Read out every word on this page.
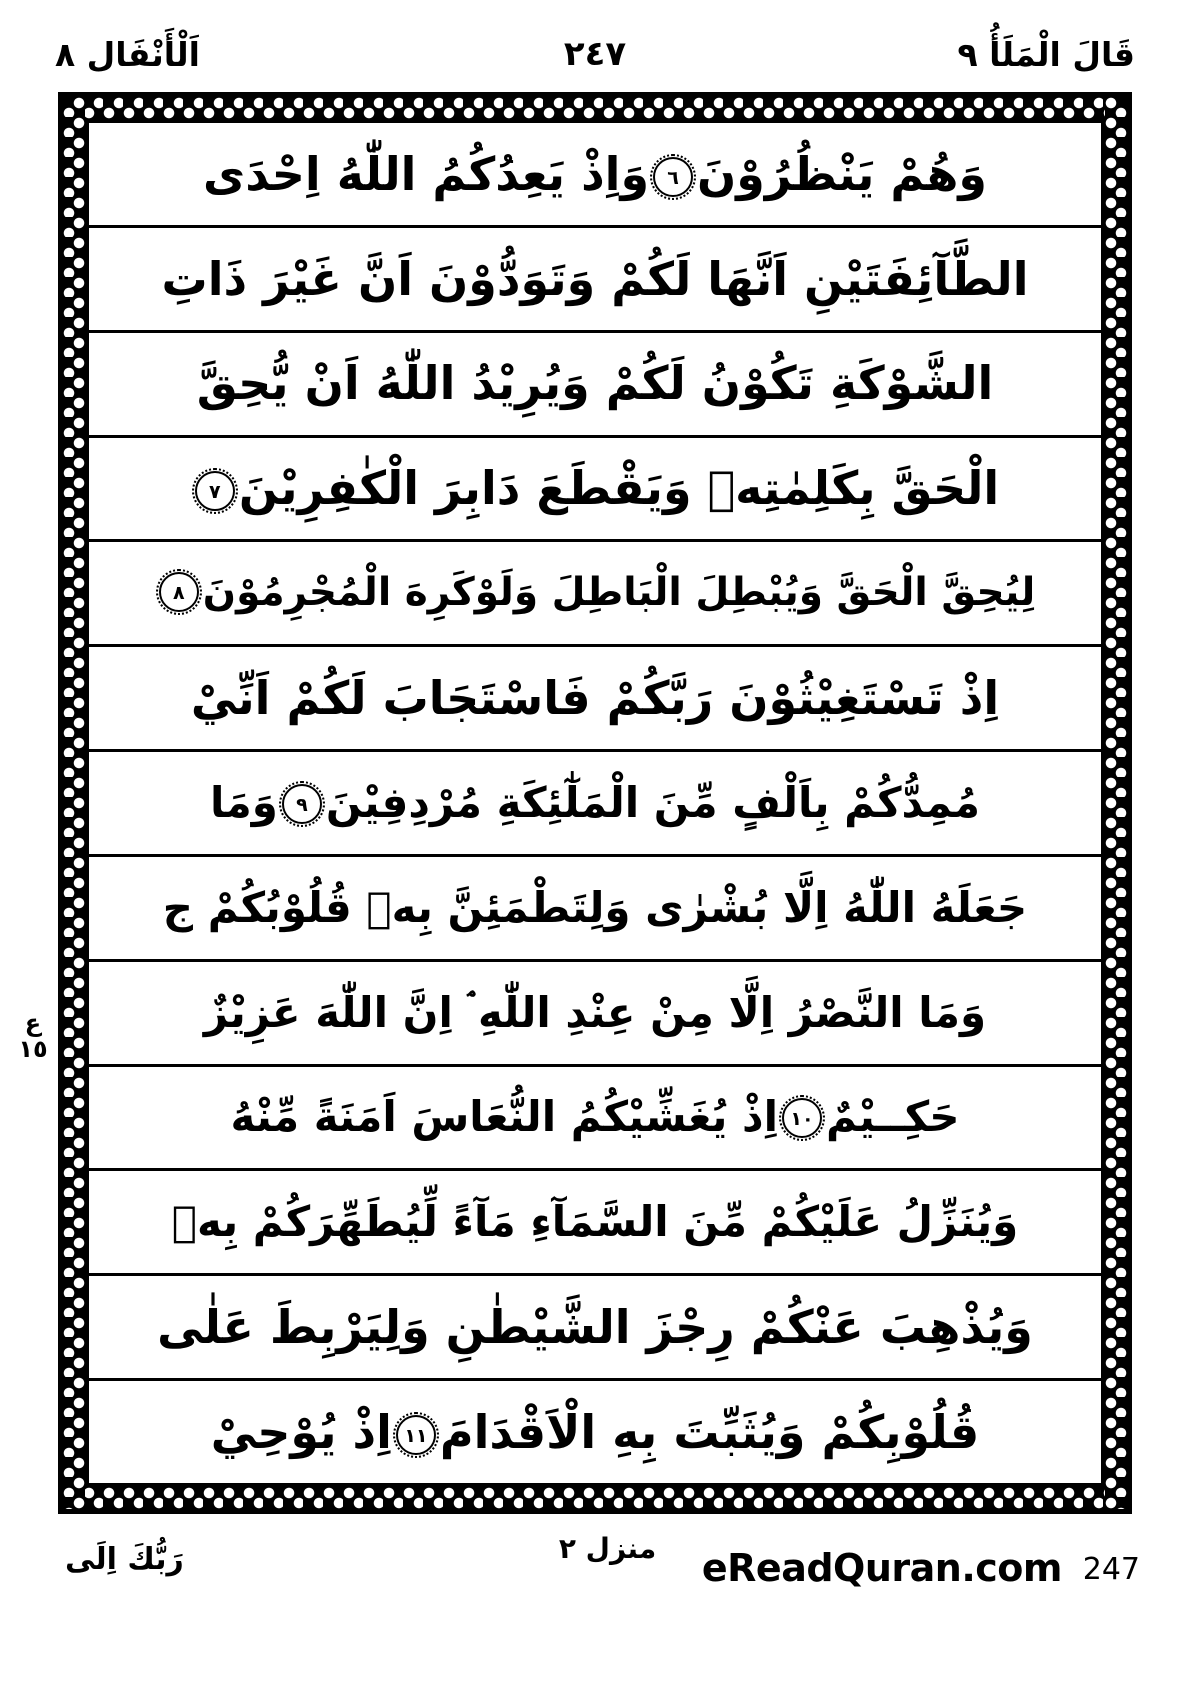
قَالَ الْمَلَأُ ٩
٢٤٧
اَلْأَنْفَال ٨
ع
١٥
وَهُمْ يَنْظُرُوْنَ٦وَاِذْ يَعِدُكُمُ اللّٰهُ اِحْدَى
الطَّآئِفَتَيْنِ اَنَّهَا لَكُمْ وَتَوَدُّوْنَ اَنَّ غَيْرَ ذَاتِ
الشَّوْكَةِ تَكُوْنُ لَكُمْ وَيُرِيْدُ اللّٰهُ اَنْ يُّحِقَّ
الْحَقَّ بِكَلِمٰتِهٖ وَيَقْطَعَ دَابِرَ الْكٰفِرِيْنَ٧
لِيُحِقَّ الْحَقَّ وَيُبْطِلَ الْبَاطِلَ وَلَوْكَرِهَ الْمُجْرِمُوْنَ٨
اِذْ تَسْتَغِيْثُوْنَ رَبَّكُمْ فَاسْتَجَابَ لَكُمْ اَنِّيْ
مُمِدُّكُمْ بِاَلْفٍ مِّنَ الْمَلٰٓئِكَةِ مُرْدِفِيْنَ٩وَمَا
جَعَلَهُ اللّٰهُ اِلَّا بُشْرٰى وَلِتَطْمَئِنَّ بِهٖ قُلُوْبُكُمْ ج
وَمَا النَّصْرُ اِلَّا مِنْ عِنْدِ اللّٰهِ ۘ اِنَّ اللّٰهَ عَزِيْزٌ
حَكِــيْمٌ١٠اِذْ يُغَشِّيْكُمُ النُّعَاسَ اَمَنَةً مِّنْهُ
وَيُنَزِّلُ عَلَيْكُمْ مِّنَ السَّمَآءِ مَآءً لِّيُطَهِّرَكُمْ بِهٖ
وَيُذْهِبَ عَنْكُمْ رِجْزَ الشَّيْطٰنِ وَلِيَرْبِطَ عَلٰى
قُلُوْبِكُمْ وَيُثَبِّتَ بِهِ الْاَقْدَامَ١١اِذْ يُوْحِيْ
رَبُّكَ اِلَى	منزل ٢	eReadQuran.com 247
